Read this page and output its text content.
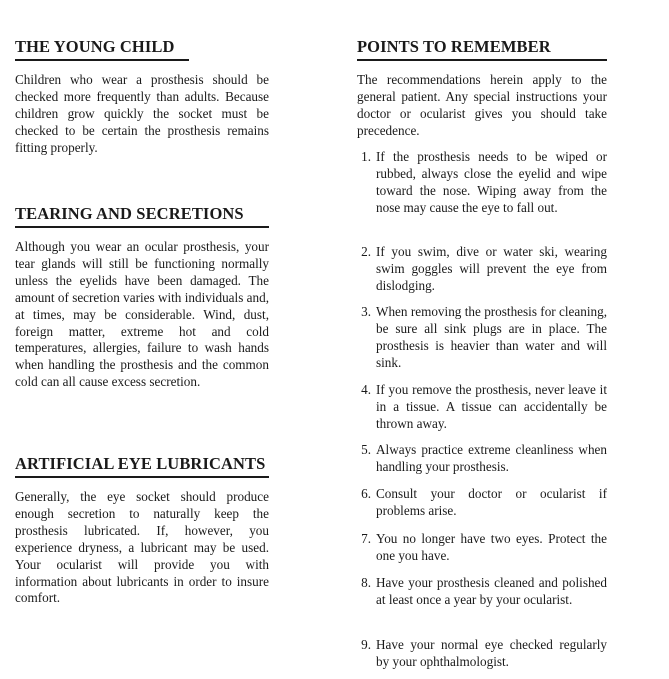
THE YOUNG CHILD

Children who wear a prosthesis should be checked more frequently than adults. Because children grow quickly the socket must be checked to be certain the prosthesis remains fitting properly.

TEARING AND SECRETIONS

Although you wear an ocular prosthesis, your tear glands will still be functioning normally unless the eyelids have been damaged. The amount of secretion varies with individuals and, at times, may be considerable. Wind, dust, foreign matter, extreme hot and cold temperatures, allergies, failure to wash hands when handling the prosthesis and the common cold can all cause excess secretion.

ARTIFICIAL EYE LUBRICANTS

Generally, the eye socket should produce enough secretion to naturally keep the prosthesis lubricated. If, however, you experience dryness, a lubricant may be used. Your ocularist will provide you with information about lubricants in order to insure comfort.

POINTS TO REMEMBER

The recommendations herein apply to the general patient. Any special instructions your doctor or ocularist gives you should take precedence.

1. If the prosthesis needs to be wiped or rubbed, always close the eyelid and wipe toward the nose. Wiping away from the nose may cause the eye to fall out.
2. If you swim, dive or water ski, wearing swim goggles will prevent the eye from dislodging.
3. When removing the prosthesis for cleaning, be sure all sink plugs are in place. The prosthesis is heavier than water and will sink.
4. If you remove the prosthesis, never leave it in a tissue. A tissue can accidentally be thrown away.
5. Always practice extreme cleanliness when handling your prosthesis.
6. Consult your doctor or ocularist if problems arise.
7. You no longer have two eyes. Protect the one you have.
8. Have your prosthesis cleaned and polished at least once a year by your ocularist.
9. Have your normal eye checked regularly by your ophthalmologist.
